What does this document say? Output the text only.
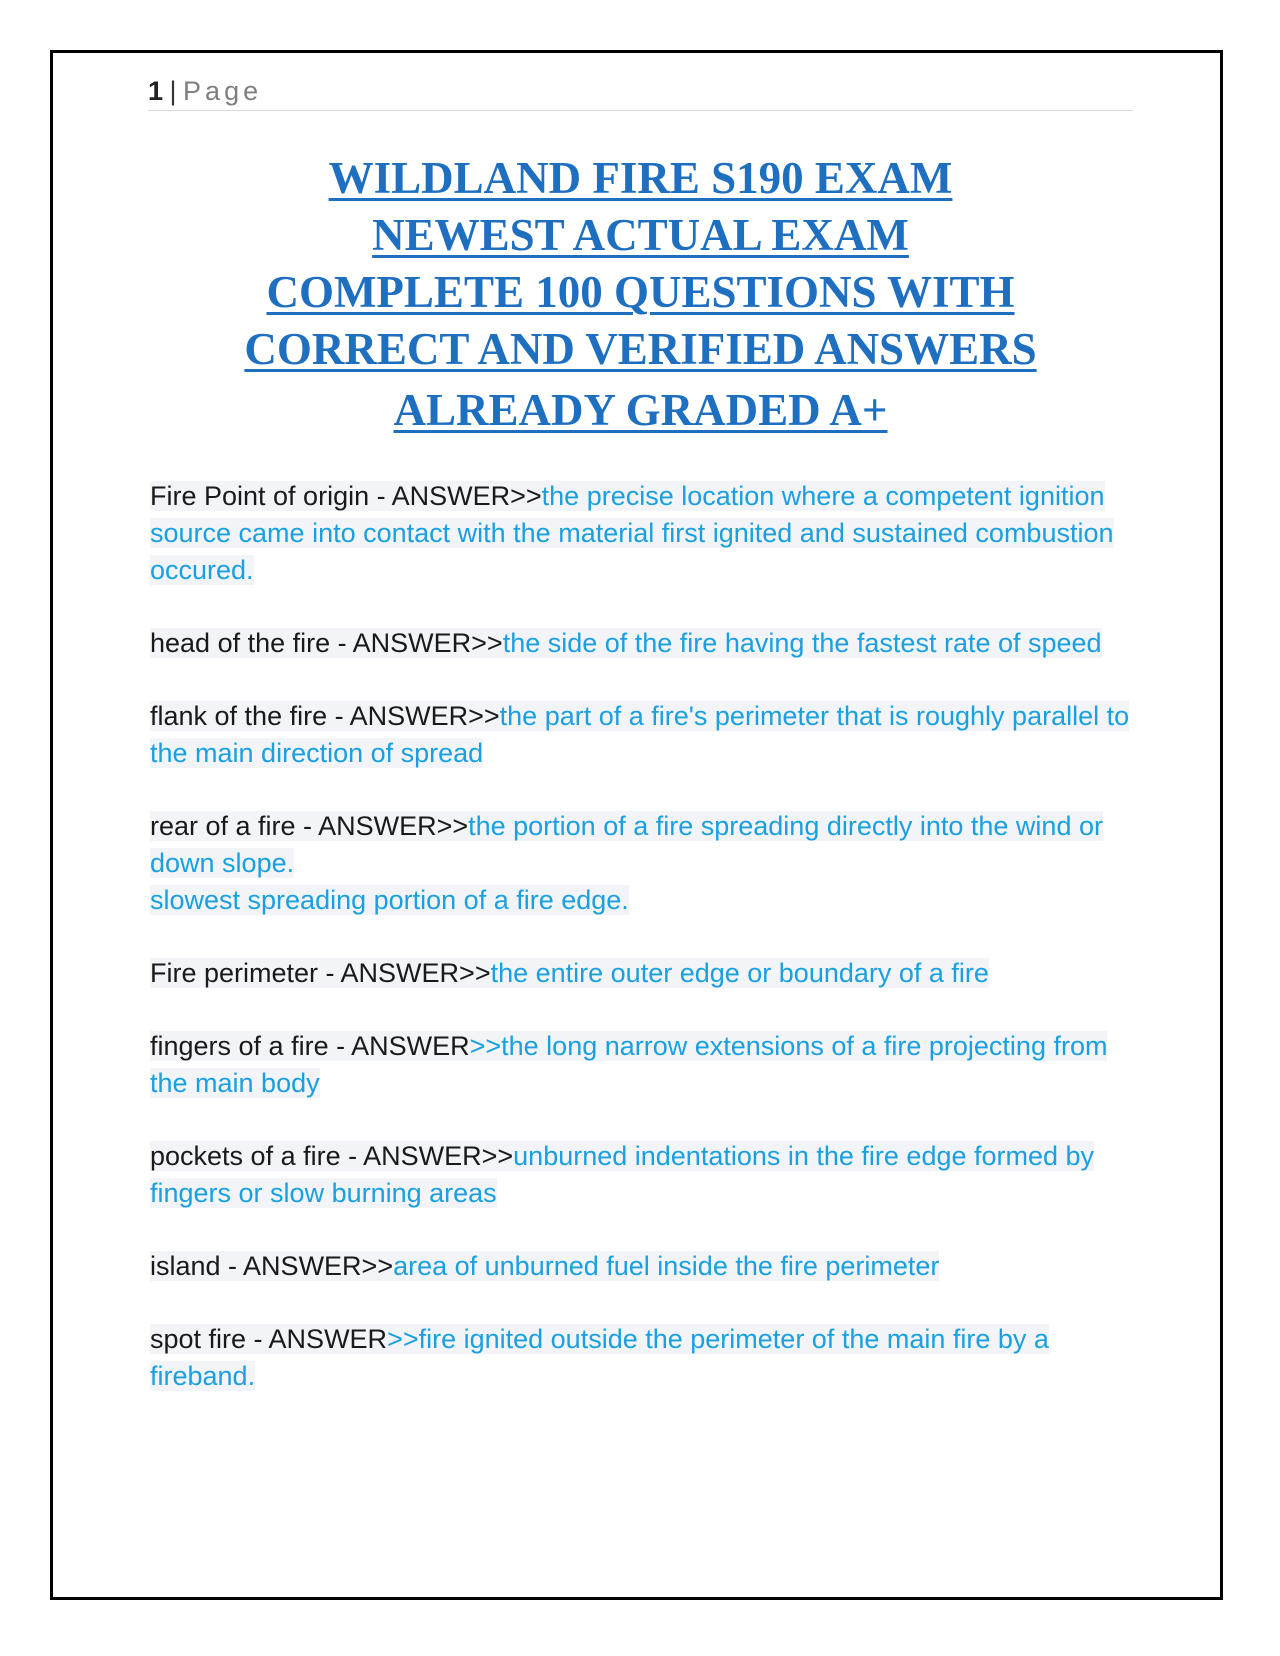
1 | Page
WILDLAND FIRE S190 EXAM
NEWEST ACTUAL EXAM
COMPLETE 100 QUESTIONS WITH
CORRECT AND VERIFIED ANSWERS
ALREADY GRADED A+
Fire Point of origin - ANSWER>>the precise location where a competent ignition source came into contact with the material first ignited and sustained combustion occured.
head of the fire - ANSWER>>the side of the fire having the fastest rate of speed
flank of the fire - ANSWER>>the part of a fire's perimeter that is roughly parallel to the main direction of spread
rear of a fire - ANSWER>>the portion of a fire spreading directly into the wind or down slope.
slowest spreading portion of a fire edge.
Fire perimeter - ANSWER>>the entire outer edge or boundary of a fire
fingers of a fire - ANSWER>>the long narrow extensions of a fire projecting from the main body
pockets of a fire - ANSWER>>unburned indentations in the fire edge formed by fingers or slow burning areas
island - ANSWER>>area of unburned fuel inside the fire perimeter
spot fire - ANSWER>>fire ignited outside the perimeter of the main fire by a fireband.
